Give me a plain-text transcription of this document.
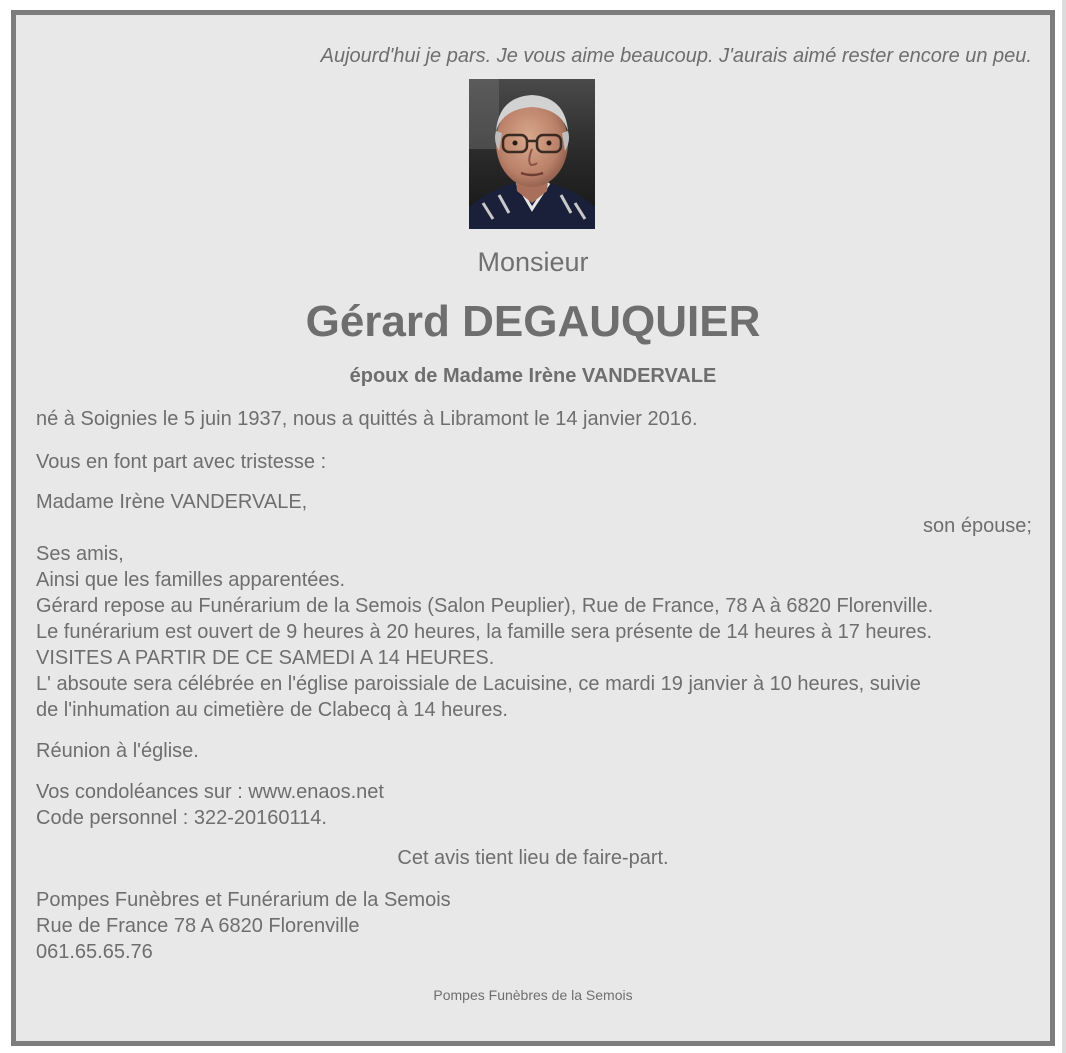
Aujourd'hui je pars. Je vous aime beaucoup. J'aurais aimé rester encore un peu.
Monsieur
Gérard DEGAUQUIER
époux de Madame Irène VANDERVALE
né à Soignies le 5 juin 1937, nous a quittés à Libramont le 14 janvier 2016.
Vous en font part avec tristesse :
Madame Irène VANDERVALE,
son épouse;
Ses amis,
Ainsi que les familles apparentées.
Gérard repose au Funérarium de la Semois (Salon Peuplier), Rue de France, 78 A à 6820 Florenville.
Le funérarium est ouvert de 9 heures à 20 heures, la famille sera présente de 14 heures à 17 heures.
VISITES A PARTIR DE CE SAMEDI A 14 HEURES.
L' absoute sera célébrée en l'église paroissiale de Lacuisine, ce mardi 19 janvier à 10 heures, suivie
de l'inhumation au cimetière de Clabecq à 14 heures.
Réunion à l'église.
Vos condoléances sur : www.enaos.net
Code personnel : 322-20160114.
Cet avis tient lieu de faire-part.
Pompes Funèbres et Funérarium de la Semois
Rue de France 78 A 6820 Florenville
061.65.65.76
Pompes Funèbres de la Semois
